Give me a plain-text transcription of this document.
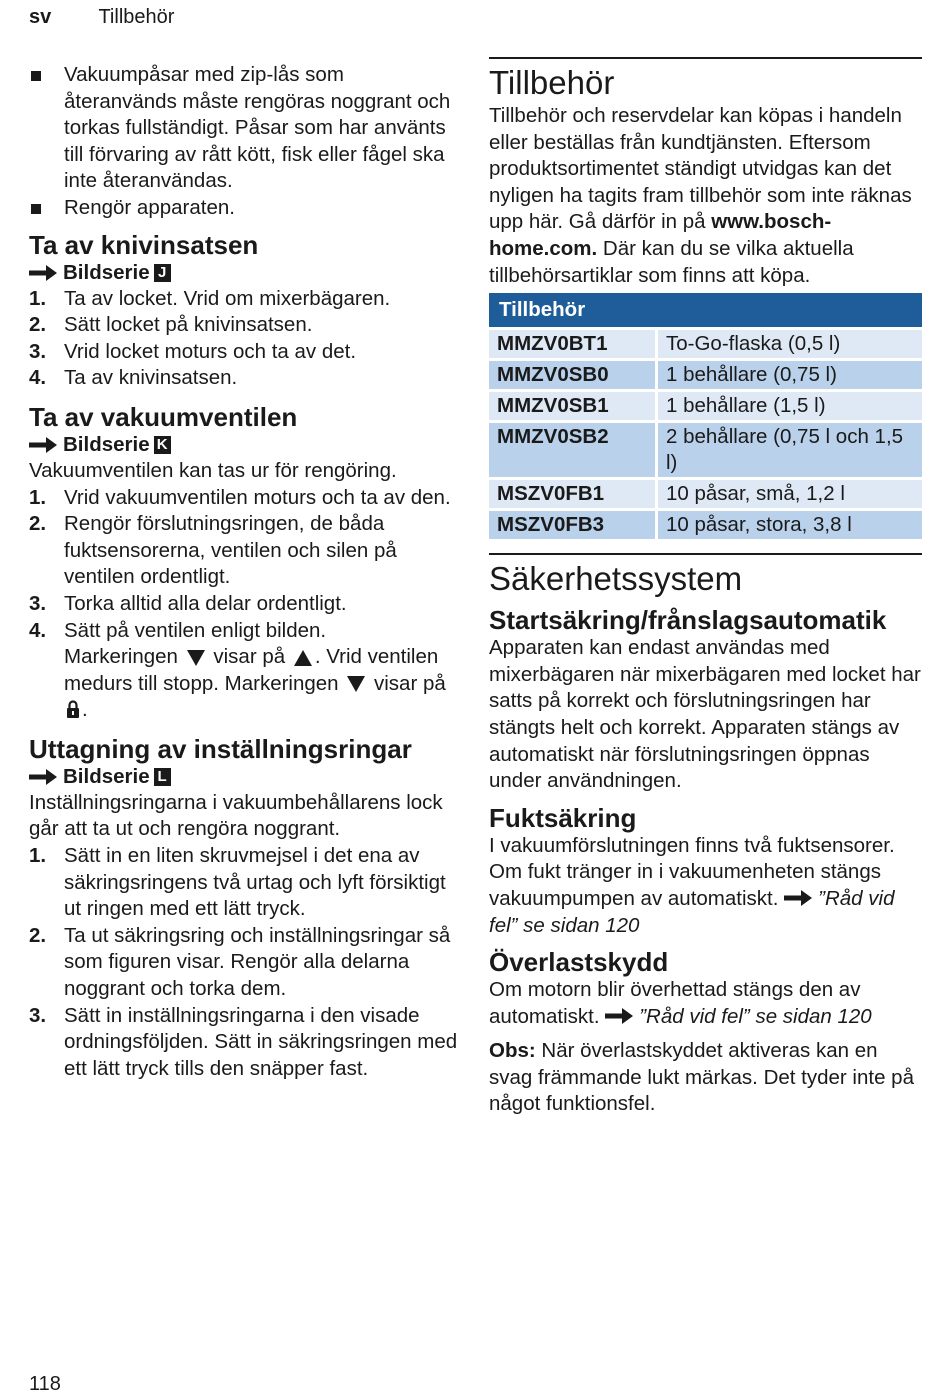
sv Tillbehör
Vakuumpåsar med zip-lås som återanvänds måste rengöras noggrant och torkas fullständigt. Påsar som har använts till förvaring av rått kött, fisk eller fågel ska inte återanvändas.
Rengör apparaten.
Ta av knivinsatsen
Bildserie J
1. Ta av locket. Vrid om mixerbägaren.
2. Sätt locket på knivinsatsen.
3. Vrid locket moturs och ta av det.
4. Ta av knivinsatsen.
Ta av vakuumventilen
Bildserie K

Vakuumventilen kan tas ur för rengöring.

1. Vrid vakuumventilen moturs och ta av den.
2. Rengör förslutningsringen, de båda fuktsensorerna, ventilen och silen på ventilen ordentligt.
3. Torka alltid alla delar ordentligt.
4. Sätt på ventilen enligt bilden.
Markeringen visar på . Vrid ventilen medurs till stopp. Markeringen visar på .
Uttagning av inställningsringar
Bildserie L

Inställningsringarna i vakuumbehållarens lock går att ta ut och rengöra noggrant.

1. Sätt in en liten skruvmejsel i det ena av säkringsringens två urtag och lyft försiktigt ut ringen med ett lätt tryck.
2. Ta ut säkringsring och inställningsringar så som figuren visar. Rengör alla delarna noggrant och torka dem.
3. Sätt in inställningsringarna i den visade ordningsföljden. Sätt in säkringsringen med ett lätt tryck tills den snäpper fast.
Tillbehör

Tillbehör och reservdelar kan köpas i handeln eller beställas från kundtjänsten. Eftersom produktsortimentet ständigt utvidgas kan det nyligen ha tagits fram tillbehör som inte räknas upp här. Gå därför in på www.bosch-home.com. Där kan du se vilka aktuella tillbehörsartiklar som finns att köpa.

Tillbehör	
MMZV0BT1	To-Go-flaska (0,5 l)
MMZV0SB0	1 behållare (0,75 l)
MMZV0SB1	1 behållare (1,5 l)
MMZV0SB2	2 behållare (0,75 l och 1,5 l)
MSZV0FB1	10 påsar, små, 1,2 l
MSZV0FB3	10 påsar, stora, 3,8 l
Säkerhetssystem
Startsäkring/frånslagsautomatik

Apparaten kan endast användas med mixerbägaren när mixerbägaren med locket har satts på korrekt och förslutningsringen har stängts helt och korrekt. Apparaten stängs av automatiskt när förslutningsringen öppnas under användningen.

Fuktsäkring

I vakuumförslutningen finns två fuktsensorer. Om fukt tränger in i vakuumenheten stängs vakuumpumpen av automatiskt. ”Råd vid fel” se sidan 120

Överlastskydd

Om motorn blir överhettad stängs den av automatiskt. ”Råd vid fel” se sidan 120

Obs: När överlastskyddet aktiveras kan en svag främmande lukt märkas. Det tyder inte på något funktionsfel.

118
